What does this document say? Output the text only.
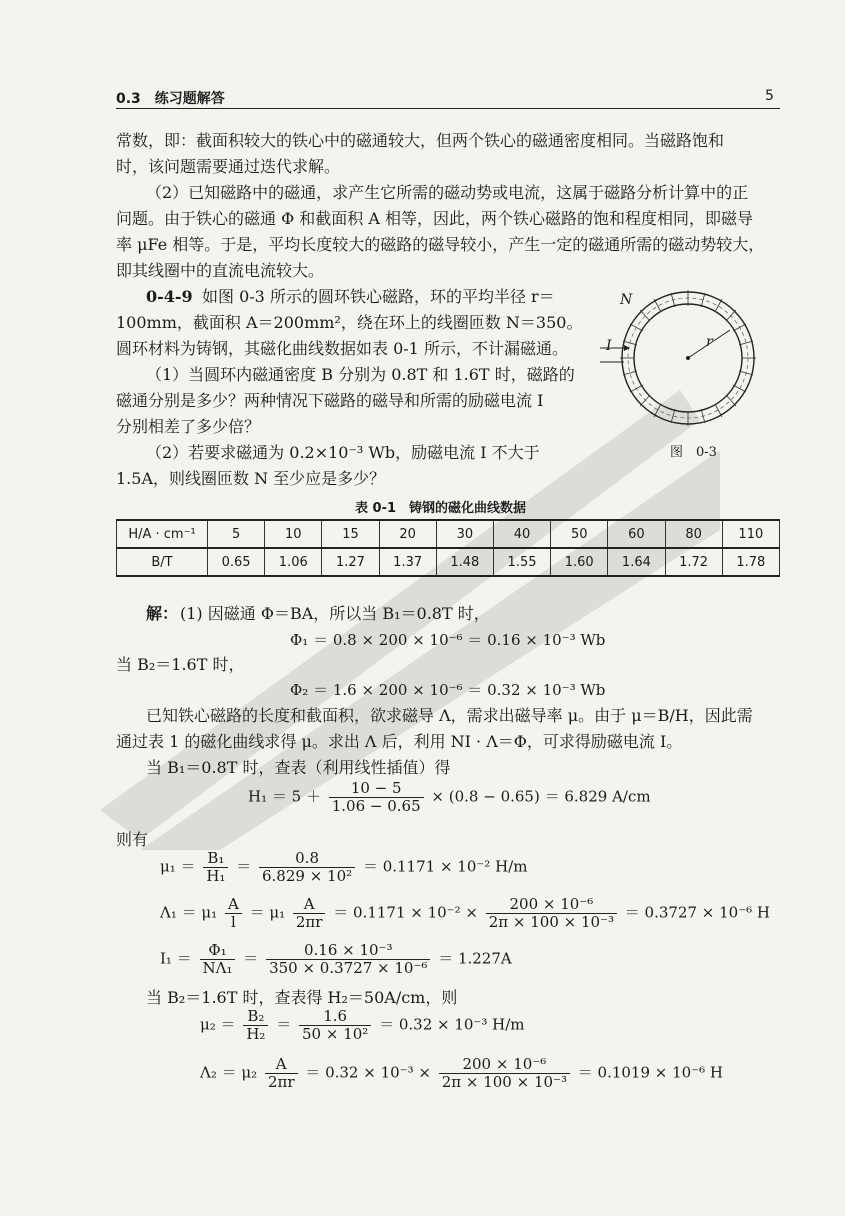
0.3　练习题解答	5
常数，即：截面积较大的铁心中的磁通较大，但两个铁心的磁通密度相同。当磁路饱和
时，该问题需要通过迭代求解。
（2）已知磁路中的磁通，求产生它所需的磁动势或电流，这属于磁路分析计算中的正
问题。由于铁心的磁通 Φ 和截面积 A 相等，因此，两个铁心磁路的饱和程度相同，即磁导
率 μFe 相等。于是，平均长度较大的磁路的磁导较小，产生一定的磁通所需的磁动势较大，
即其线圈中的直流电流较大。
0-4-9 如图 0-3 所示的圆环铁心磁路，环的平均半径 r＝
100mm，截面积 A＝200mm²，绕在环上的线圈匝数 N＝350。
圆环材料为铸钢，其磁化曲线数据如表 0-1 所示，不计漏磁通。
（1）当圆环内磁通密度 B 分别为 0.8T 和 1.6T 时，磁路的
磁通分别是多少？两种情况下磁路的磁导和所需的励磁电流 I
分别相差了多少倍？
（2）若要求磁通为 0.2×10⁻³ Wb，励磁电流 I 不大于
1.5A，则线圈匝数 N 至少应是多少？
N
I	r
图　0-3
表 0-1　铸钢的磁化曲线数据
H/A · cm⁻¹	5	10	15	20	30	40	50	60	80	110
B/T	0.65	1.06	1.27	1.37	1.48	1.55	1.60	1.64	1.72	1.78
解： (1) 因磁通 Φ＝BA，所以当 B₁＝0.8T 时，
Φ₁ ＝ 0.8 × 200 × 10⁻⁶ ＝ 0.16 × 10⁻³ Wb
当 B₂＝1.6T 时，
Φ₂ ＝ 1.6 × 200 × 10⁻⁶ ＝ 0.32 × 10⁻³ Wb
已知铁心磁路的长度和截面积，欲求磁导 Λ，需求出磁导率 μ。由于 μ＝B/H，因此需
通过表 1 的磁化曲线求得 μ。求出 Λ 后，利用 NI · Λ＝Φ，可求得励磁电流 I。
当 B₁＝0.8T 时，查表（利用线性插值）得
$H_1 = 5 + \frac{10 - 5}{1.06 - 0.65} \times (0.8 - 0.65) = 6.829$ A/cm
则有
$\mu_1 = \frac{\text{B₁}}{\text{H₁}} = \frac{0.8}{\text{6.829 × 10²}} = 0.1171 \times 10^{-2}$ H/m
$\Lambda_1 = \mu_1 \frac{A}{l} = \mu_1 \frac{A}{2\pi r} = 0.1171 \times 10^{-2} \times \frac{\text{200 × 10⁻⁶}}{\text{2π × 100 × 10⁻³}} = 0.3727 \times 10^{-6}$ H
$I_1 = \frac{\text{Φ₁}}{\text{NΛ₁}} = \frac{\text{0.16 × 10⁻³}}{\text{350 × 0.3727 × 10⁻⁶}} = 1.227A$
当 B₂＝1.6T 时，查表得 H₂＝50A/cm，则
$\mu_2 = \frac{\text{B₂}}{\text{H₂}} = \frac{1.6}{\text{50 × 10²}} = 0.32 \times 10^{-3}$ H/m
$\Lambda_2 = \mu_2 \frac{A}{2\pi r} = 0.32 \times 10^{-3} \times \frac{\text{200 × 10⁻⁶}}{\text{2π × 100 × 10⁻³}} = 0.1019 \times 10^{-6}$ H
